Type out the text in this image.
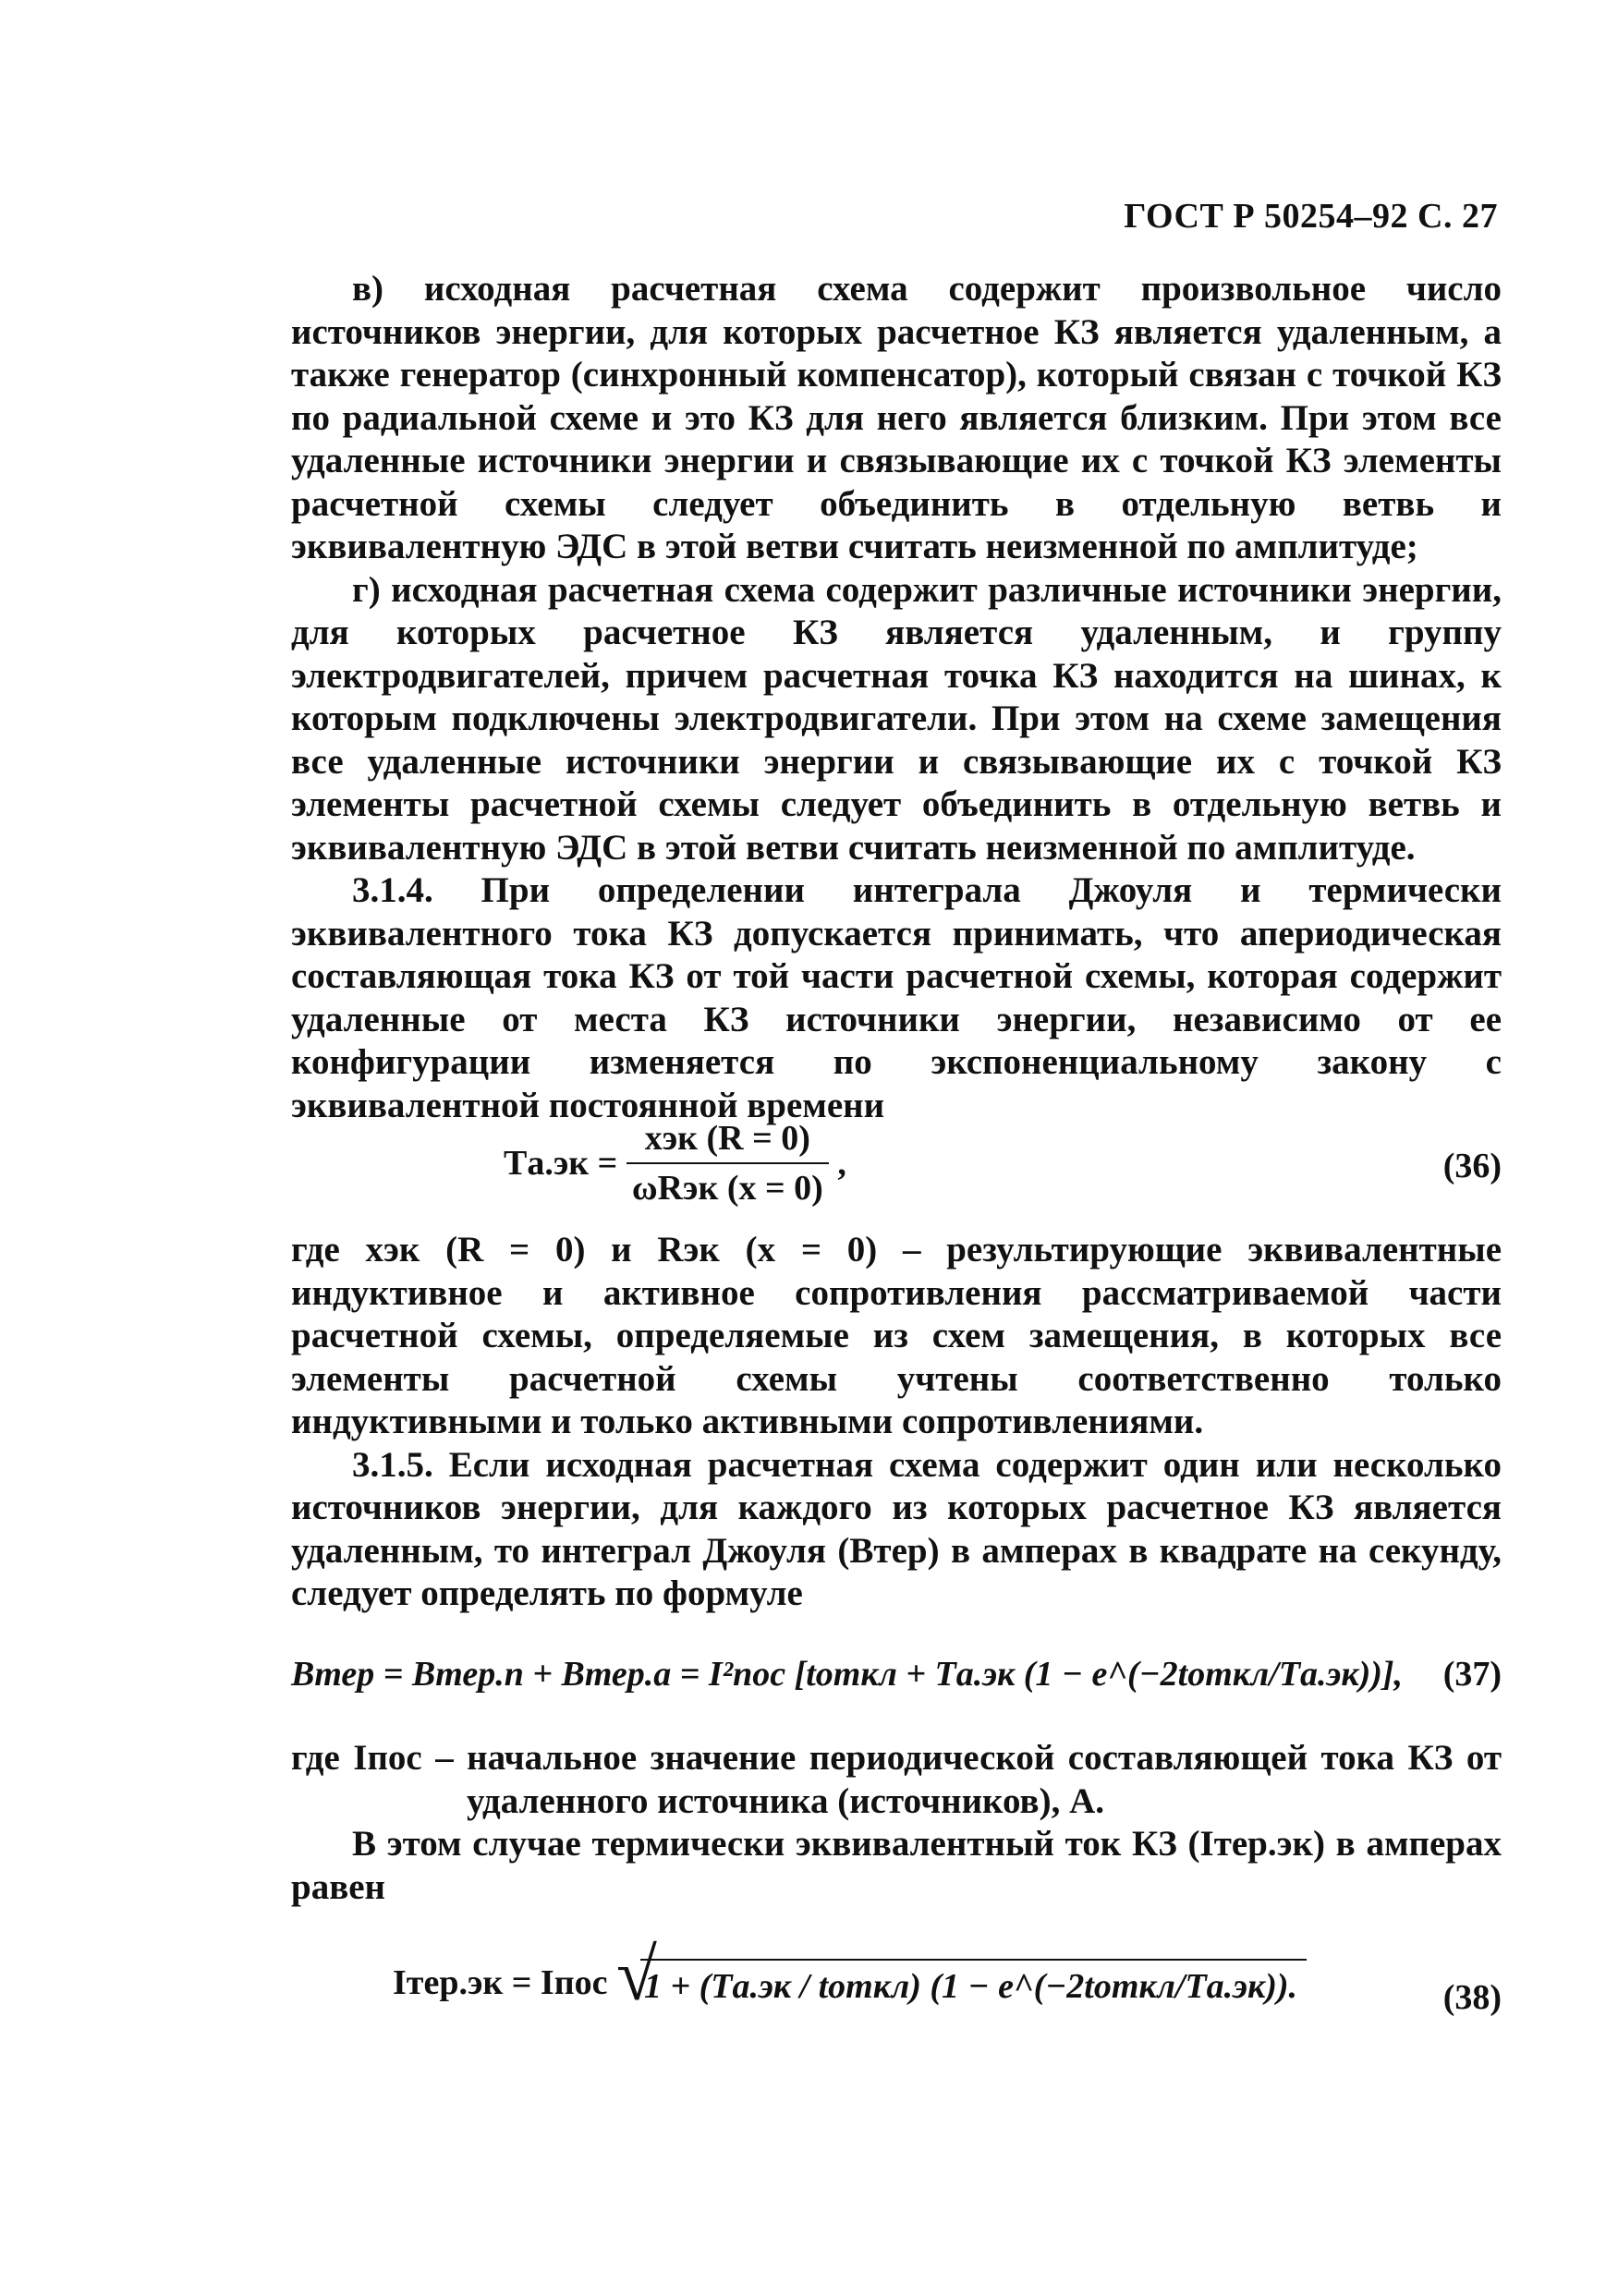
ГОСТ Р 50254–92 С. 27

в) исходная расчетная схема содержит произвольное число источников энергии, для которых расчетное КЗ является удаленным, а также генератор (синхронный компенсатор), который связан с точкой КЗ по радиальной схеме и это КЗ для него является близким. При этом все удаленные источники энергии и связывающие их с точкой КЗ элементы расчетной схемы следует объединить в отдельную ветвь и эквивалентную ЭДС в этой ветви считать неизменной по амплитуде;

г) исходная расчетная схема содержит различные источники энергии, для которых расчетное КЗ является удаленным, и группу электродвигателей, причем расчетная точка КЗ находится на шинах, к которым подключены электродвигатели. При этом на схеме замещения все удаленные источники энергии и связывающие их с точкой КЗ элементы расчетной схемы следует объединить в отдельную ветвь и эквивалентную ЭДС в этой ветви считать неизменной по амплитуде.

3.1.4. При определении интеграла Джоуля и термически эквивалентного тока КЗ допускается принимать, что апериодическая составляющая тока КЗ от той части расчетной схемы, которая содержит удаленные от места КЗ источники энергии, независимо от ее конфигурации изменяется по экспоненциальному закону с эквивалентной постоянной времени

$Tа.эк = \frac{\text{xэк (R = 0)}}{\text{ωRэк (x = 0)}}$ ,	(36)

где xэк (R = 0) и Rэк (x = 0) – результирующие эквивалентные индуктивное и активное сопротивления рассматриваемой части расчетной схемы, определяемые из схем замещения, в которых все элементы расчетной схемы учтены соответственно только индуктивными и только активными сопротивлениями.

3.1.5. Если исходная расчетная схема содержит один или несколько источников энергии, для каждого из которых расчетное КЗ является удаленным, то интеграл Джоуля (Bтер) в амперах в квадрате на секунду, следует определять по формуле

Bтер = Bтер.п + Bтер.а = I²пос [tоткл + Tа.эк (1 − e^(−2tоткл/Tа.эк))], (37)

где Iпос – начальное значение периодической составляющей тока КЗ от удаленного источника (источников), А.

В этом случае термически эквивалентный ток КЗ (Iтер.эк) в амперах равен

Iтер.эк = Iпос √
1 + (Tа.эк / tоткл) (1 − e^(−2tоткл/Tа.эк)).	(38)
